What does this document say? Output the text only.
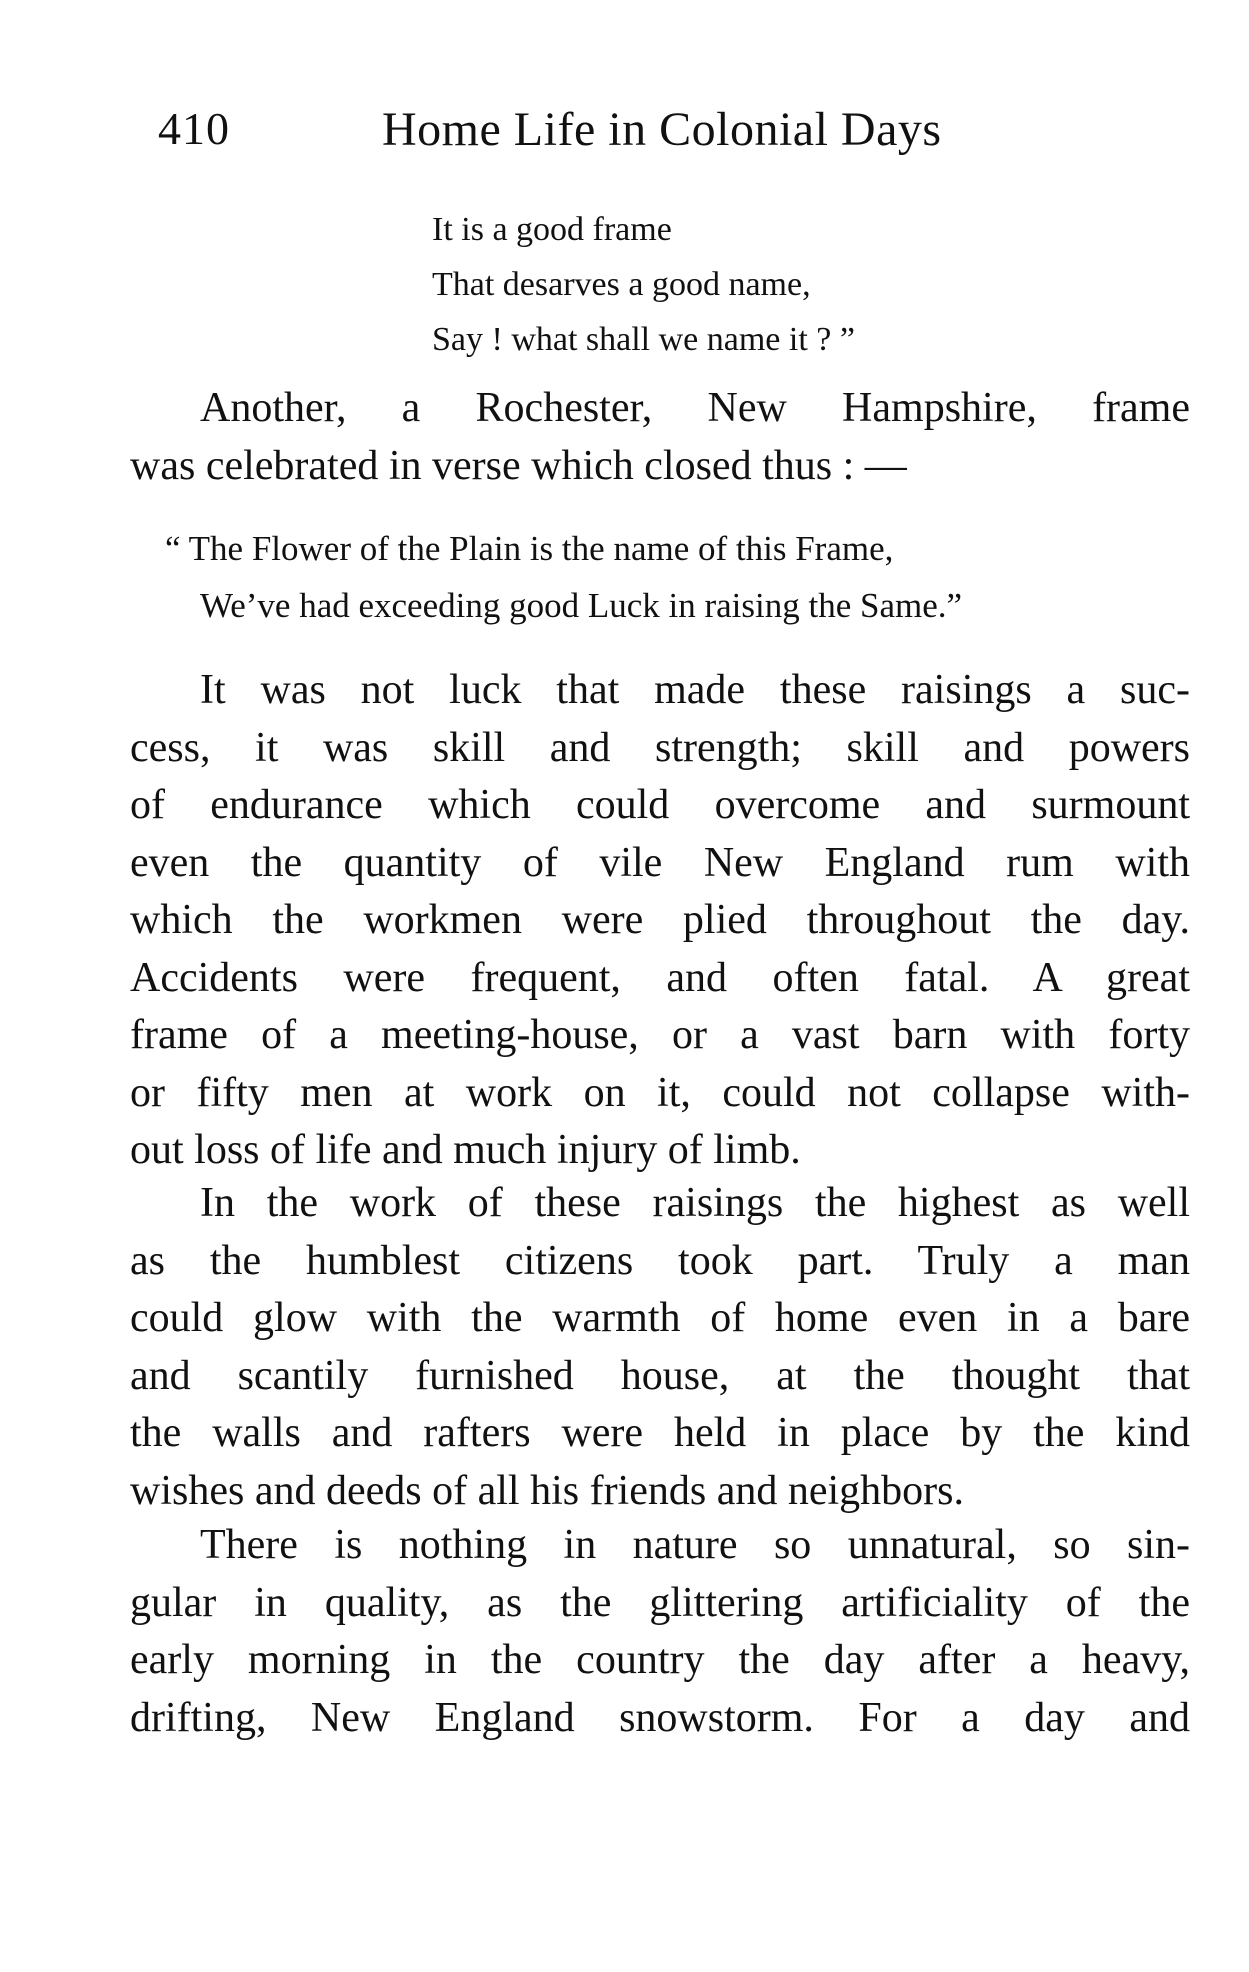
410	Home Life in Colonial Days
It is a good frame
That desarves a good name,
Say ! what shall we name it ? ”
Another, a Rochester, New Hampshire, frame
was celebrated in verse which closed thus : —
“ The Flower of the Plain is the name of this Frame,
We’ve had exceeding good Luck in raising the Same.”
It was not luck that made these raisings a suc-
cess, it was skill and strength; skill and powers
of endurance which could overcome and surmount
even the quantity of vile New England rum with
which the workmen were plied throughout the day.
Accidents were frequent, and often fatal. A great
frame of a meeting-house, or a vast barn with forty
or fifty men at work on it, could not collapse with-
out loss of life and much injury of limb.
In the work of these raisings the highest as well
as the humblest citizens took part. Truly a man
could glow with the warmth of home even in a bare
and scantily furnished house, at the thought that
the walls and rafters were held in place by the kind
wishes and deeds of all his friends and neighbors.
There is nothing in nature so unnatural, so sin-
gular in quality, as the glittering artificiality of the
early morning in the country the day after a heavy,
drifting, New England snowstorm. For a day and
